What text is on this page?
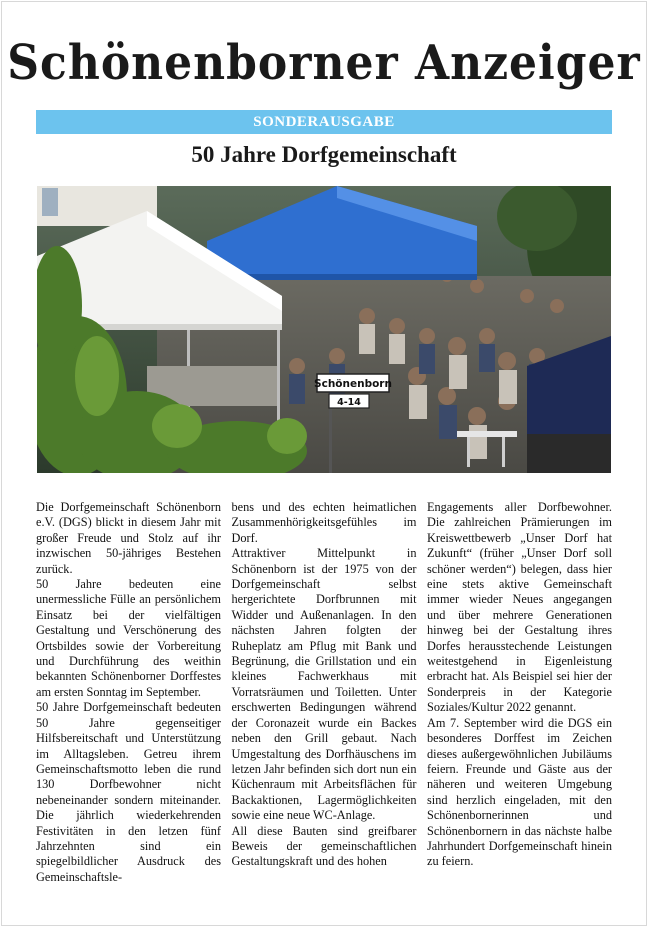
Schönenborner Anzeiger
SONDERAUSGABE
50 Jahre Dorfgemeinschaft
Schönenborn
4-14

Die Dorfgemeinschaft Schönenborn e.V. (DGS) blickt in diesem Jahr mit großer Freude und Stolz auf ihr inzwischen 50-jähriges Bestehen zurück.

50 Jahre bedeuten eine unermessliche Fülle an persönlichem Einsatz bei der vielfältigen Gestaltung und Verschönerung des Ortsbildes sowie der Vorbereitung und Durchführung des weithin bekannten Schönenborner Dorffestes am ersten Sonntag im September.

50 Jahre Dorfgemeinschaft bedeuten 50 Jahre gegenseitiger Hilfsbereitschaft und Unterstützung im Alltagsleben. Getreu ihrem Gemeinschaftsmotto leben die rund 130 Dorfbewohner nicht nebeneinander sondern miteinander. Die jährlich wiederkehrenden Festivitäten in den letzen fünf Jahrzehnten sind ein spiegelbildlicher Ausdruck des Gemeinschaftsle-

bens und des echten heimatlichen Zusammenhörigkeitsgefühles im Dorf.

Attraktiver Mittelpunkt in Schönenborn ist der 1975 von der Dorfgemeinschaft selbst hergerichtete Dorfbrunnen mit Widder und Außenanlagen. In den nächsten Jahren folgten der Ruheplatz am Pflug mit Bank und Begrünung, die Grillstation und ein kleines Fachwerkhaus mit Vorratsräumen und Toiletten. Unter erschwerten Bedingungen während der Coronazeit wurde ein Backes neben den Grill gebaut. Nach Umgestaltung des Dorfhäuschens im letzen Jahr befinden sich dort nun ein Küchenraum mit Arbeitsflächen für Backaktionen, Lagermöglichkeiten sowie eine neue WC-Anlage.

All diese Bauten sind greifbarer Beweis der gemeinschaftlichen Gestaltungskraft und des hohen

Engagements aller Dorfbewohner. Die zahlreichen Prämierungen im Kreiswettbewerb „Unser Dorf hat Zukunft“ (früher „Unser Dorf soll schöner werden“) belegen, dass hier eine stets aktive Gemeinschaft immer wieder Neues angegangen und über mehrere Generationen hinweg bei der Gestaltung ihres Dorfes herausstechende Leistungen weitestgehend in Eigenleistung erbracht hat. Als Beispiel sei hier der Sonderpreis in der Kategorie Soziales/Kultur 2022 genannt.

Am 7. September wird die DGS ein besonderes Dorffest im Zeichen dieses außergewöhnlichen Jubiläums feiern. Freunde und Gäste aus der näheren und weiteren Umgebung sind herzlich eingeladen, mit den Schönenbornerinnen und Schönenbornern in das nächste halbe Jahrhundert Dorfgemeinschaft hinein zu feiern.
